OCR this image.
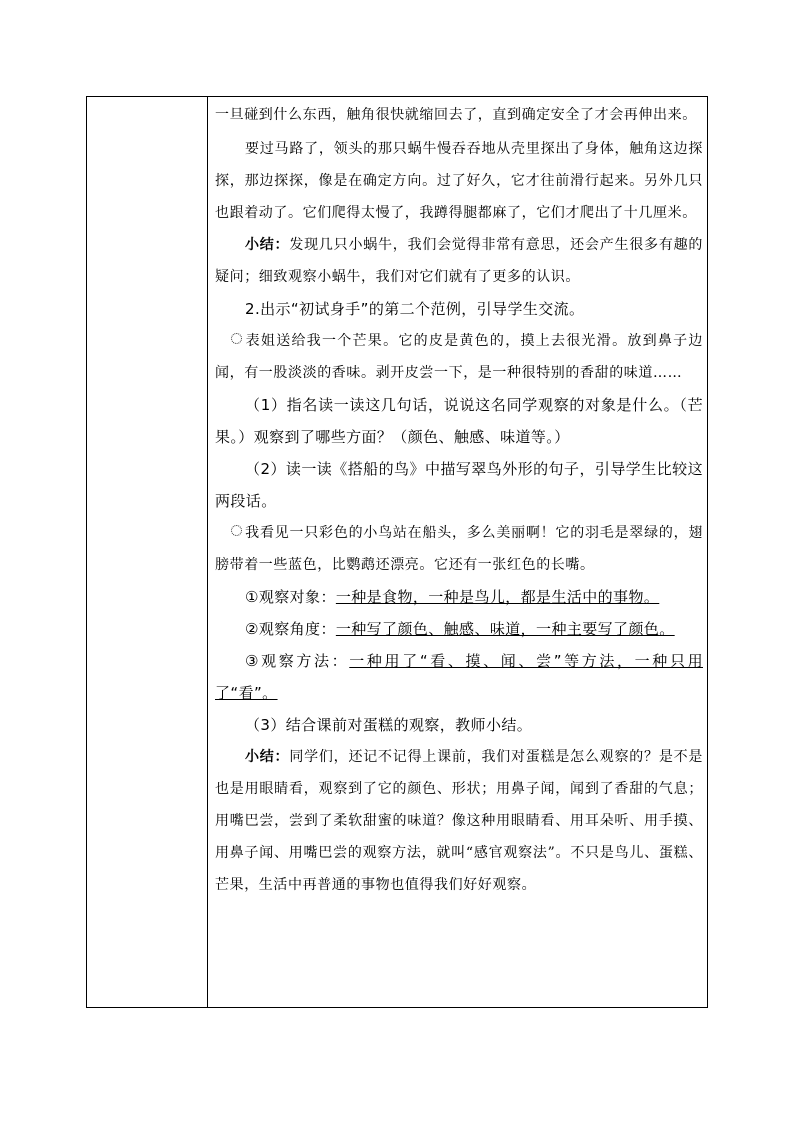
一旦碰到什么东西，触角很快就缩回去了，直到确定安全了才会再伸出来。

要过马路了，领头的那只蜗牛慢吞吞地从壳里探出了身体，触角这边探探，那边探探，像是在确定方向。过了好久，它才往前滑行起来。另外几只也跟着动了。它们爬得太慢了，我蹲得腿都麻了，它们才爬出了十几厘米。

小结：发现几只小蜗牛，我们会觉得非常有意思，还会产生很多有趣的疑问；细致观察小蜗牛，我们对它们就有了更多的认识。

2.出示“初试身手”的第二个范例，引导学生交流。

表姐送给我一个芒果。它的皮是黄色的，摸上去很光滑。放到鼻子边闻，有一股淡淡的香味。剥开皮尝一下，是一种很特别的香甜的味道……

（1）指名读一读这几句话，说说这名同学观察的对象是什么。（芒果。）观察到了哪些方面？（颜色、触感、味道等。）

（2）读一读《搭船的鸟》中描写翠鸟外形的句子，引导学生比较这两段话。

我看见一只彩色的小鸟站在船头，多么美丽啊！它的羽毛是翠绿的，翅膀带着一些蓝色，比鹦鹉还漂亮。它还有一张红色的长嘴。

①观察对象：一种是食物，一种是鸟儿，都是生活中的事物。

②观察角度：一种写了颜色、触感、味道，一种主要写了颜色。

③观察方法：一种用了“看、摸、闻、尝”等方法，一种只用了“看”。

（3）结合课前对蛋糕的观察，教师小结。

小结：同学们，还记不记得上课前，我们对蛋糕是怎么观察的？是不是也是用眼睛看，观察到了它的颜色、形状；用鼻子闻，闻到了香甜的气息；用嘴巴尝，尝到了柔软甜蜜的味道？像这种用眼睛看、用耳朵听、用手摸、用鼻子闻、用嘴巴尝的观察方法，就叫“感官观察法”。不只是鸟儿、蛋糕、芒果，生活中再普通的事物也值得我们好好观察。
